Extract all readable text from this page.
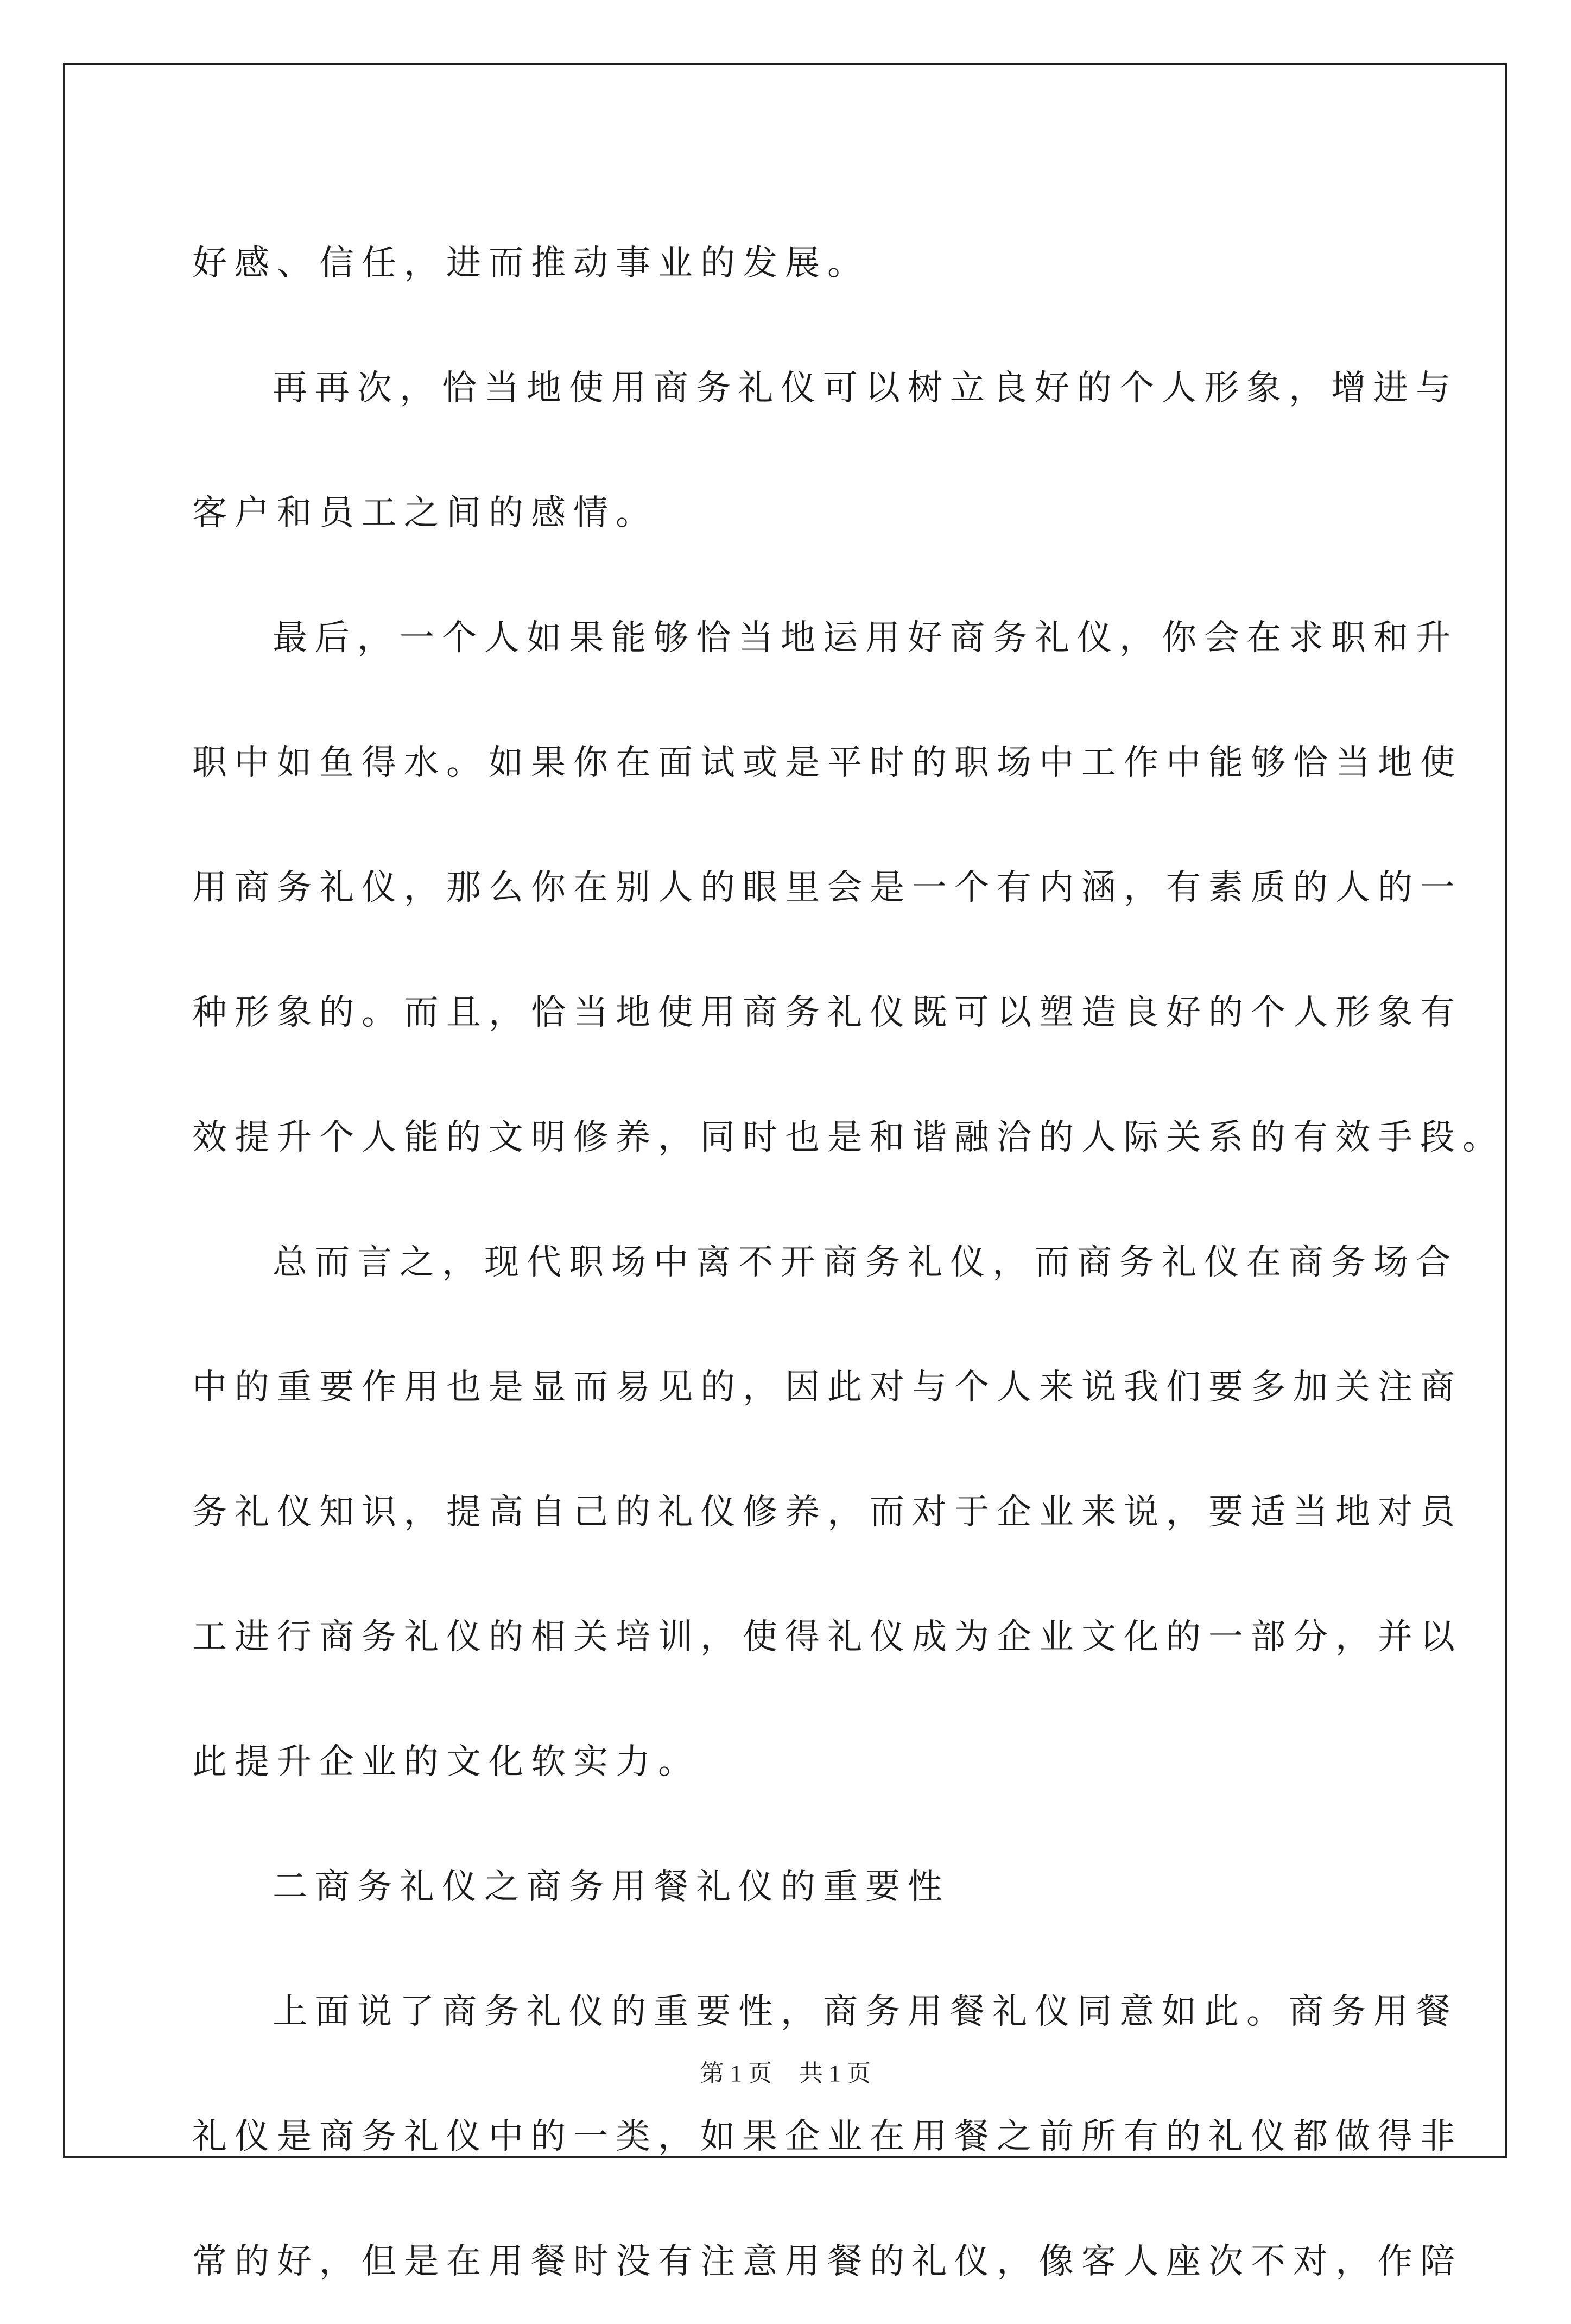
好感、信任，进而推动事业的发展。
再再次，恰当地使用商务礼仪可以树立良好的个人形象，增进与
客户和员工之间的感情。
最后，一个人如果能够恰当地运用好商务礼仪，你会在求职和升
职中如鱼得水。如果你在面试或是平时的职场中工作中能够恰当地使
用商务礼仪，那么你在别人的眼里会是一个有内涵，有素质的人的一
种形象的。而且，恰当地使用商务礼仪既可以塑造良好的个人形象有
效提升个人能的文明修养，同时也是和谐融洽的人际关系的有效手段。
总而言之，现代职场中离不开商务礼仪，而商务礼仪在商务场合
中的重要作用也是显而易见的，因此对与个人来说我们要多加关注商
务礼仪知识，提高自己的礼仪修养，而对于企业来说，要适当地对员
工进行商务礼仪的相关培训，使得礼仪成为企业文化的一部分，并以
此提升企业的文化软实力。
二商务礼仪之商务用餐礼仪的重要性
上面说了商务礼仪的重要性，商务用餐礼仪同意如此。商务用餐
礼仪是商务礼仪中的一类，如果企业在用餐之前所有的礼仪都做得非
常的好，但是在用餐时没有注意用餐的礼仪，像客人座次不对，作陪
第 1 页 共 1 页
